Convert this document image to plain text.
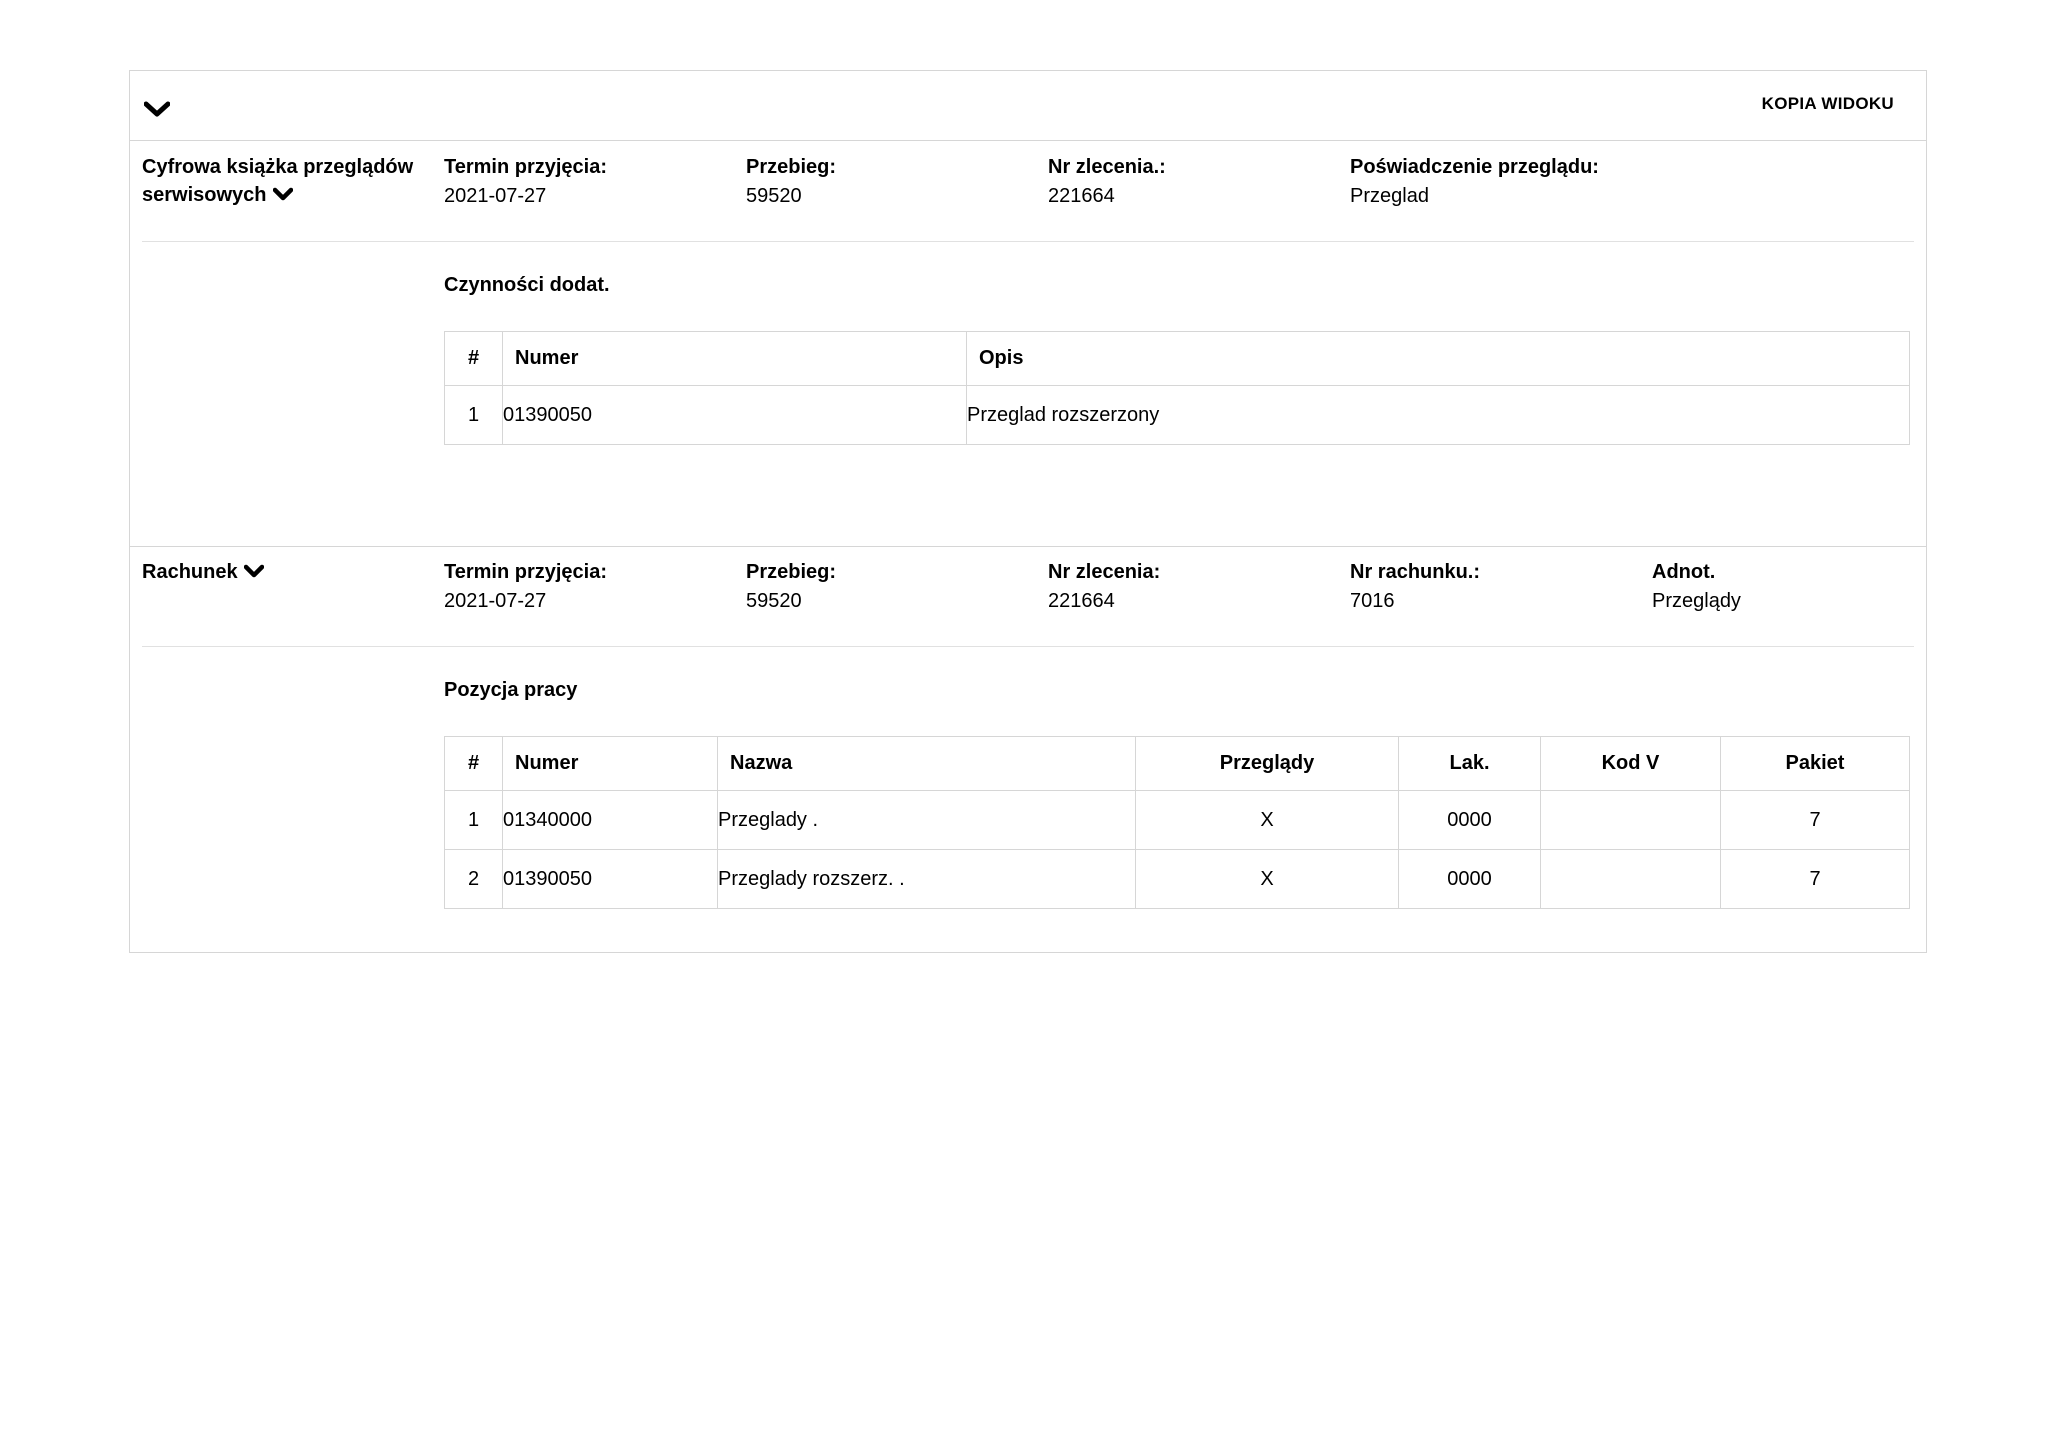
KOPIA WIDOKU
Cyfrowa książka przeglądów serwisowych
Termin przyjęcia:
2021-07-27
Przebieg:
59520
Nr zlecenia.:
221664
Poświadczenie przeglądu:
Przeglad
Czynności dodat.
#	Numer	Opis
1	01390050	Przeglad rozszerzony
Rachunek	Termin przyjęcia:
2021-07-27
Przebieg:
59520
Nr zlecenia:
221664
Nr rachunku.:
7016
Adnot.
Przeglądy
Pozycja pracy
#	Numer	Nazwa	Przeglądy	Lak.	Kod V	Pakiet
1	01340000	Przeglady .	X	0000		7
2	01390050	Przeglady rozszerz. .	X	0000		7
